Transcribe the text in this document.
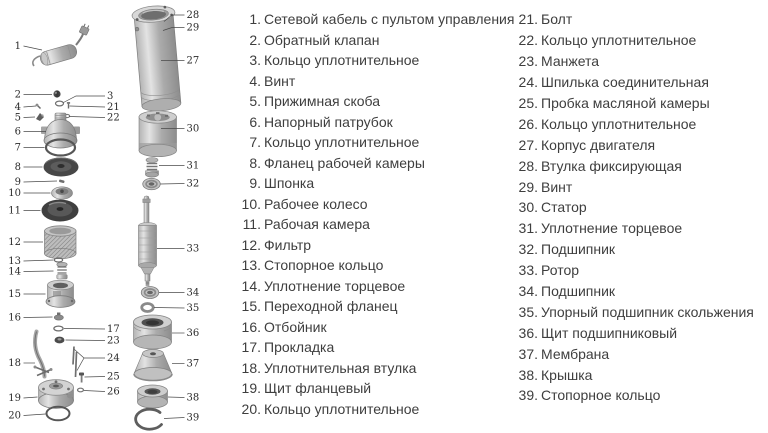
1
2
4
5
6
7
8
9
10
11
12
13
14
15
16
18
19
20
3
21
22
17
23
24
25
26
28
29
27
30
31
32
33
34
35
36
37
38
39
1. Сетевой кабель с пультом управления
2. Обратный клапан
3. Кольцо уплотнительное
4. Винт
5. Прижимная скоба
6. Напорный патрубок
7. Кольцо уплотнительное
8. Фланец рабочей камеры
9. Шпонка
10. Рабочее колесо
11. Рабочая камера
12. Фильтр
13. Стопорное кольцо
14. Уплотнение торцевое
15. Переходной фланец
16. Отбойник
17. Прокладка
18. Уплотнительная втулка
19. Щит фланцевый
20. Кольцо уплотнительное
21. Болт
22. Кольцо уплотнительное
23. Манжета
24. Шпилька соединительная
25. Пробка масляной камеры
26. Кольцо уплотнительное
27. Корпус двигателя
28. Втулка фиксирующая
29. Винт
30. Статор
31. Уплотнение торцевое
32. Подшипник
33. Ротор
34. Подшипник
35. Упорный подшипник скольжения
36. Щит подшипниковый
37. Мембрана
38. Крышка
39. Стопорное кольцо
